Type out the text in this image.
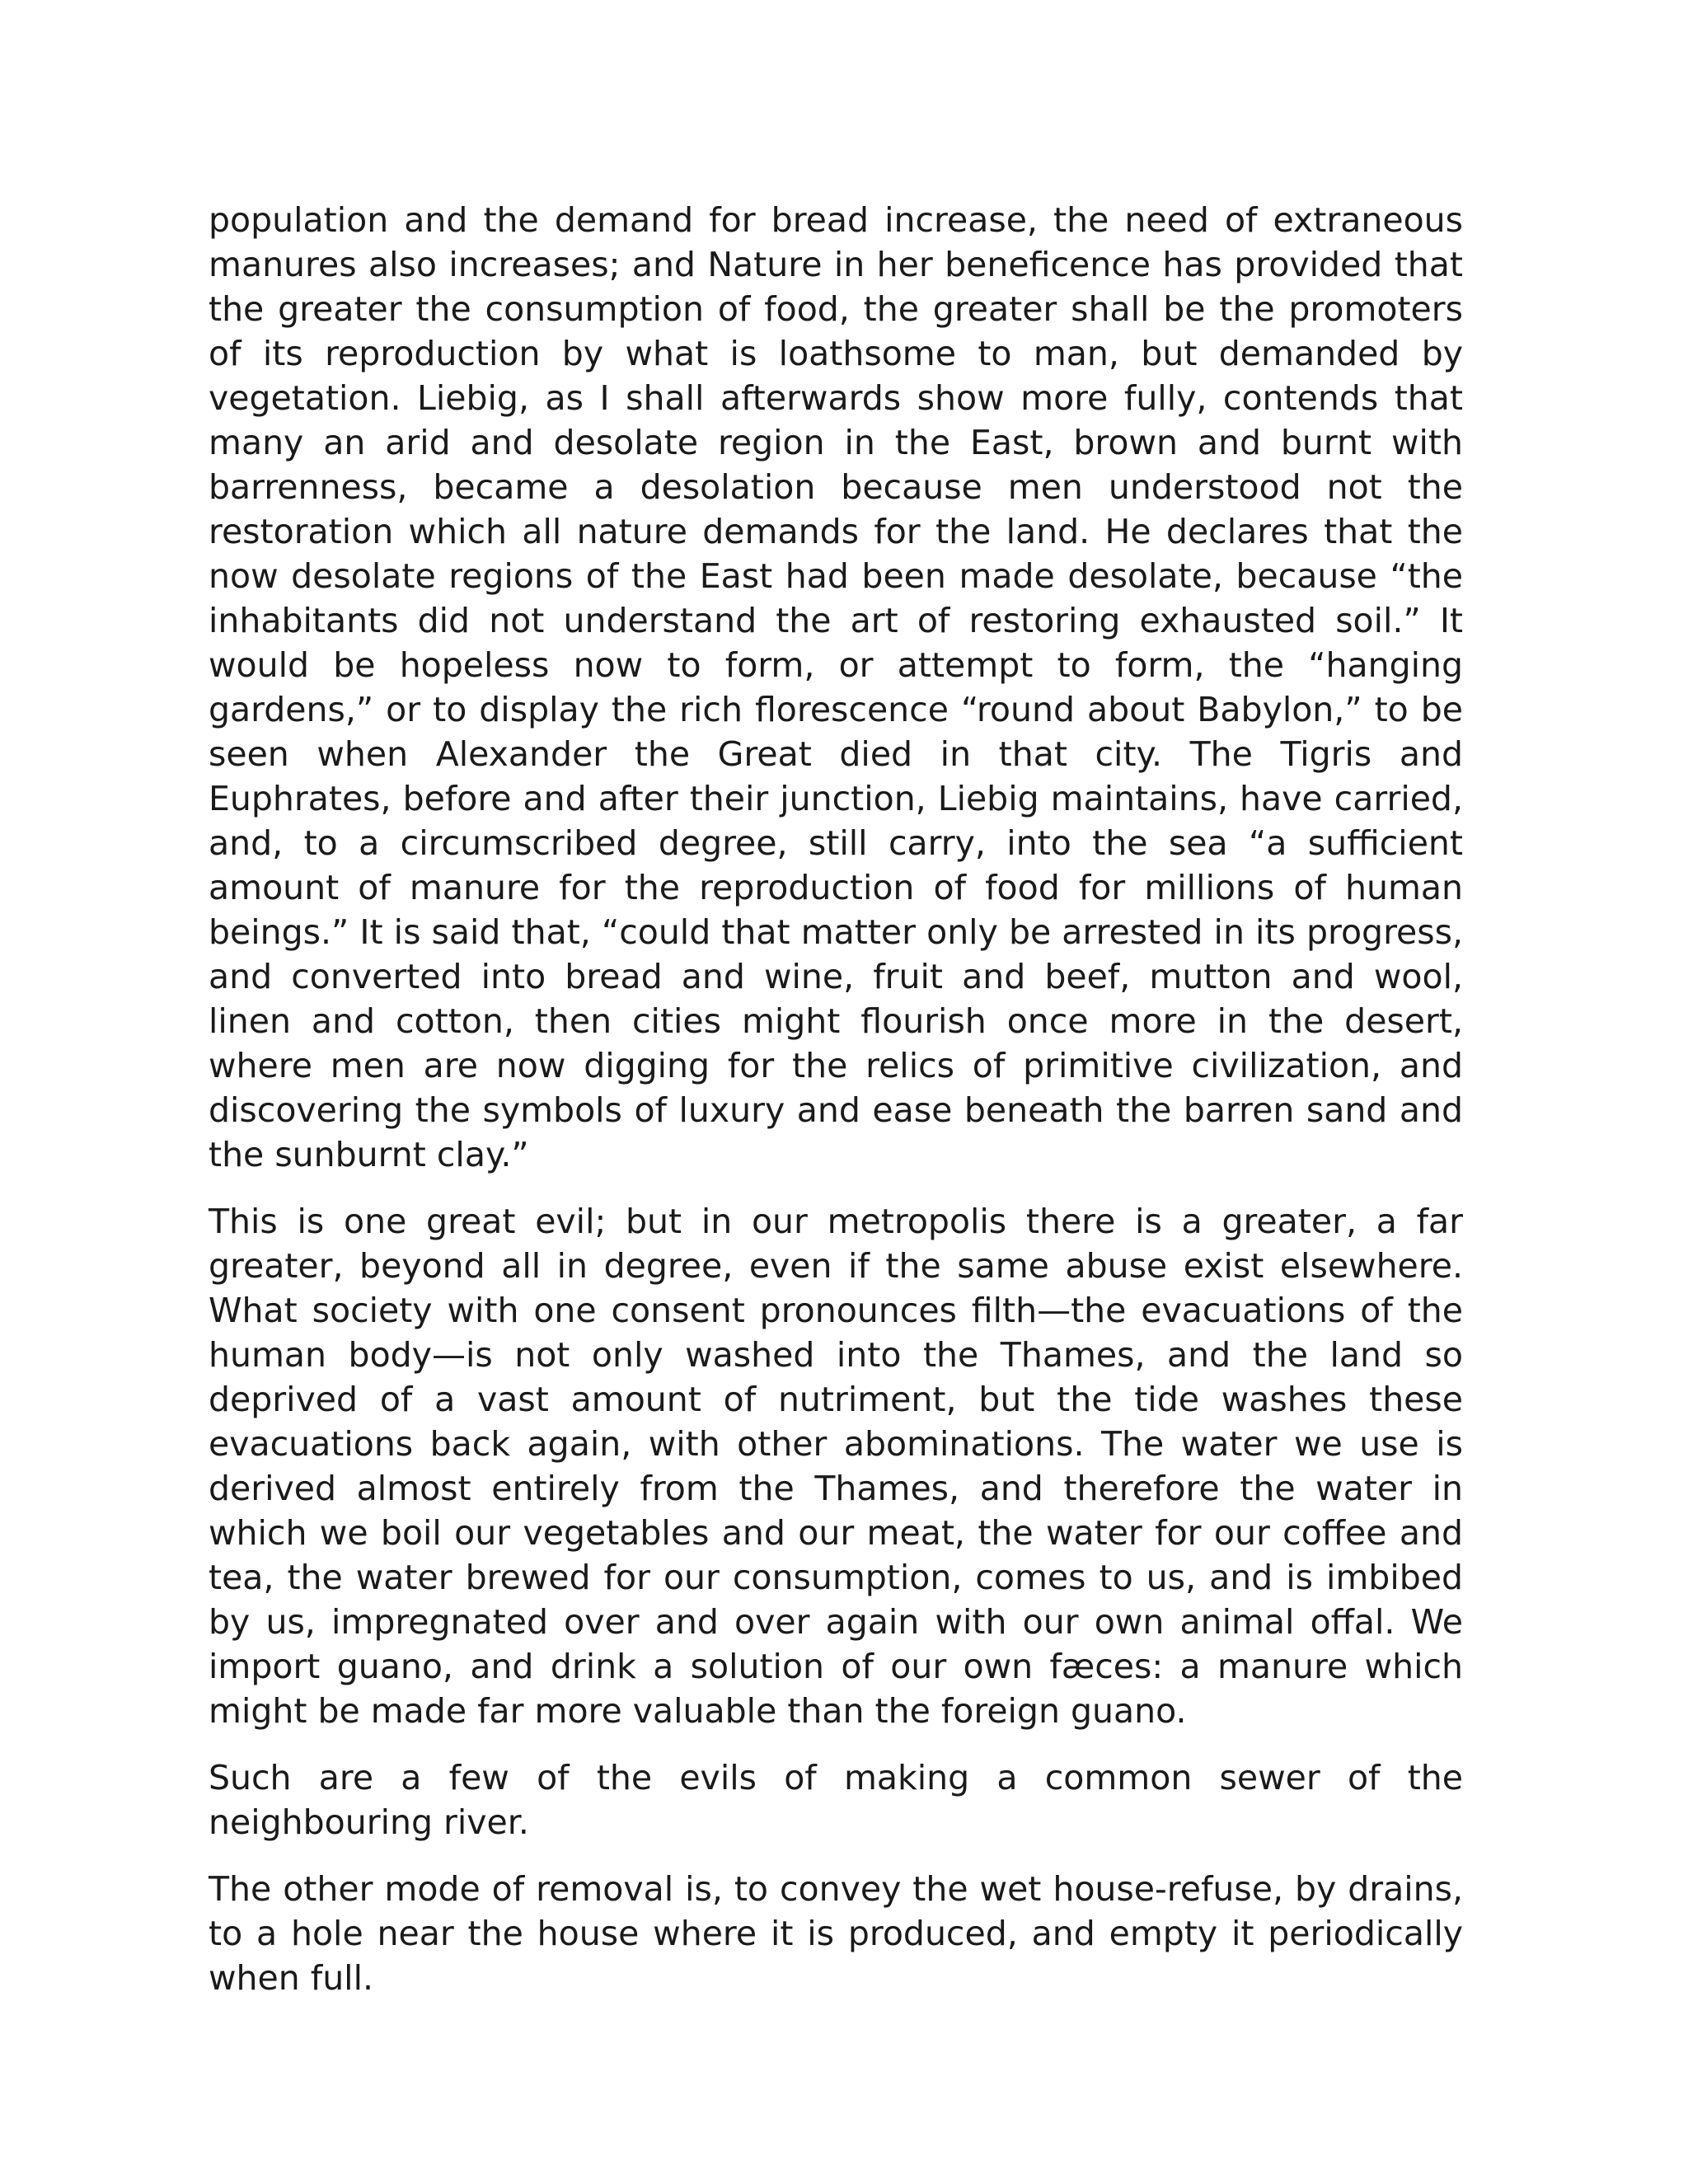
population and the demand for bread increase, the need of extraneous manures also increases; and Nature in her beneficence has provided that the greater the consumption of food, the greater shall be the promoters of its reproduction by what is loathsome to man, but demanded by vegetation. Liebig, as I shall afterwards show more fully, contends that many an arid and desolate region in the East, brown and burnt with barrenness, became a desolation because men understood not the restoration which all nature demands for the land. He declares that the now desolate regions of the East had been made desolate, because “the inhabitants did not understand the art of restoring exhausted soil.” It would be hopeless now to form, or attempt to form, the “hanging gardens,” or to display the rich florescence “round about Babylon,” to be seen when Alexander the Great died in that city. The Tigris and Euphrates, before and after their junction, Liebig maintains, have carried, and, to a circumscribed degree, still carry, into the sea “a sufficient amount of manure for the reproduction of food for millions of human beings.” It is said that, “could that matter only be arrested in its progress, and converted into bread and wine, fruit and beef, mutton and wool, linen and cotton, then cities might flourish once more in the desert, where men are now digging for the relics of primitive civilization, and discovering the symbols of luxury and ease beneath the barren sand and the sunburnt clay.”

This is one great evil; but in our metropolis there is a greater, a far greater, beyond all in degree, even if the same abuse exist elsewhere. What society with one consent pronounces filth—the evacuations of the human body—is not only washed into the Thames, and the land so deprived of a vast amount of nutriment, but the tide washes these evacuations back again, with other abominations. The water we use is derived almost entirely from the Thames, and therefore the water in which we boil our vegetables and our meat, the water for our coffee and tea, the water brewed for our consumption, comes to us, and is imbibed by us, impregnated over and over again with our own animal offal. We import guano, and drink a solution of our own fæces: a manure which might be made far more valuable than the foreign guano.

Such are a few of the evils of making a common sewer of the neighbouring river.

The other mode of removal is, to convey the wet house-refuse, by drains, to a hole near the house where it is produced, and empty it periodically when full.
